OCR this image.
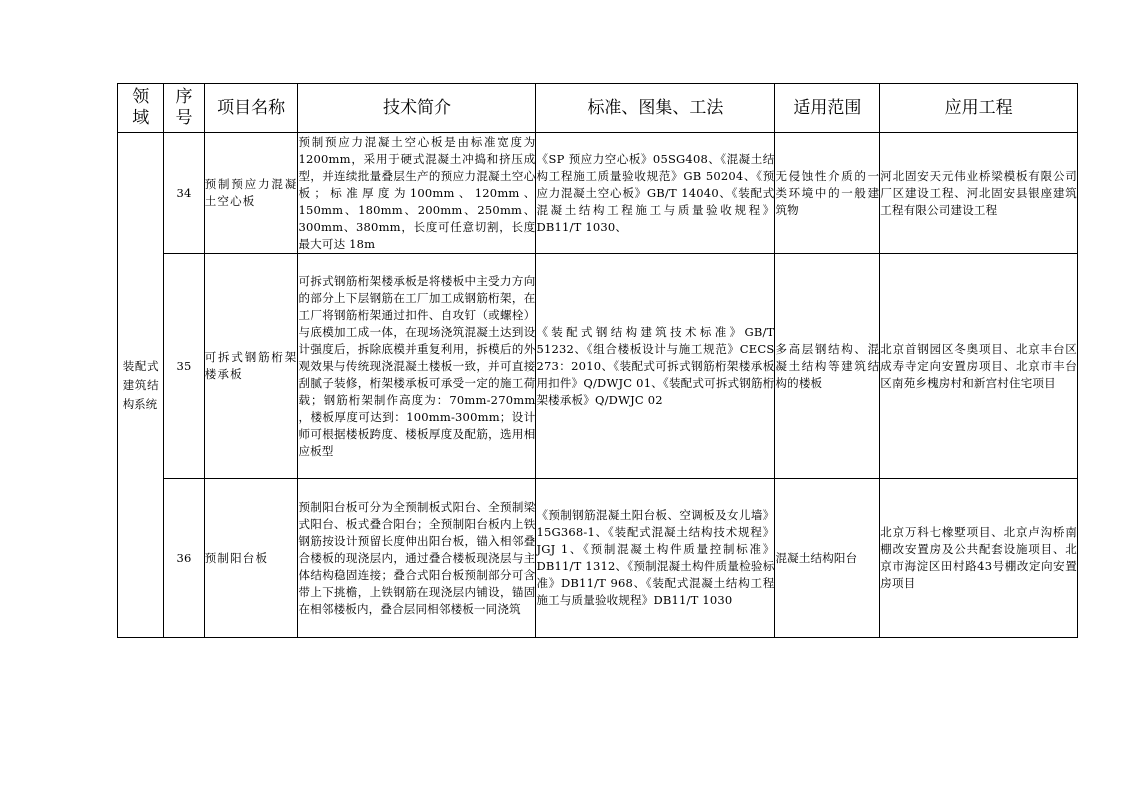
领域	序号	项目名称	技术简介	标准、图集、工法	适用范围	应用工程
装配式建筑结构系统	34	预制预应力混凝土空心板	预制预应力混凝土空心板是由标准宽度为 1200mm，采用于硬式混凝土冲捣和挤压成型，并连续批量叠层生产的预应力混凝土空心板；标准厚度为100mm、120mm、150mm、180mm、200mm、250mm、300mm、380mm，长度可任意切割，长度最大可达 18m	《SP 预应力空心板》05SG408、《混凝土结构工程施工质量验收规范》GB 50204、《预应力混凝土空心板》GB/T 14040、《装配式混凝土结构工程施工与质量验收规程》DB11/T 1030、	无侵蚀性介质的一类环境中的一般建筑物	河北固安天元伟业桥梁模板有限公司厂区建设工程、河北固安县银座建筑工程有限公司建设工程
	35	可拆式钢筋桁架楼承板	可拆式钢筋桁架楼承板是将楼板中主受力方向的部分上下层钢筋在工厂加工成钢筋桁架，在工厂将钢筋桁架通过扣件、自攻钉（或螺栓）与底模加工成一体，在现场浇筑混凝土达到设计强度后，拆除底模并重复利用，拆模后的外观效果与传统现浇混凝土楼板一致，并可直接刮腻子装修，桁架楼承板可承受一定的施工荷载；钢筋桁架制作高度为：70mm-270mm ，楼板厚度可达到：100mm-300mm；设计师可根据楼板跨度、楼板厚度及配筋，选用相应板型	《装配式钢结构建筑技术标准》GB/T 51232、《组合楼板设计与施工规范》CECS 273：2010、《装配式可拆式钢筋桁架楼承板用扣件》Q/DWJC 01、《装配式可拆式钢筋桁架楼承板》Q/DWJC 02	多高层钢结构、混凝土结构等建筑结构的楼板	北京首钢园区冬奥项目、北京丰台区成寿寺定向安置房项目、北京市丰台区南苑乡槐房村和新宫村住宅项目
	36	预制阳台板	预制阳台板可分为全预制板式阳台、全预制梁式阳台、板式叠合阳台；全预制阳台板内上铁钢筋按设计预留长度伸出阳台板，锚入相邻叠合楼板的现浇层内，通过叠合楼板现浇层与主体结构稳固连接；叠合式阳台板预制部分可含带上下挑檐，上铁钢筋在现浇层内铺设，锚固在相邻楼板内，叠合层同相邻楼板一同浇筑	《预制钢筋混凝土阳台板、空调板及女儿墙》15G368-1、《装配式混凝土结构技术规程》JGJ 1、《预制混凝土构件质量控制标准》DB11/T 1312、《预制混凝土构件质量检验标准》DB11/T 968、《装配式混凝土结构工程施工与质量验收规程》DB11/T 1030	混凝土结构阳台	北京万科七橡墅项目、北京卢沟桥南棚改安置房及公共配套设施项目、北京市海淀区田村路43号棚改定向安置房项目
